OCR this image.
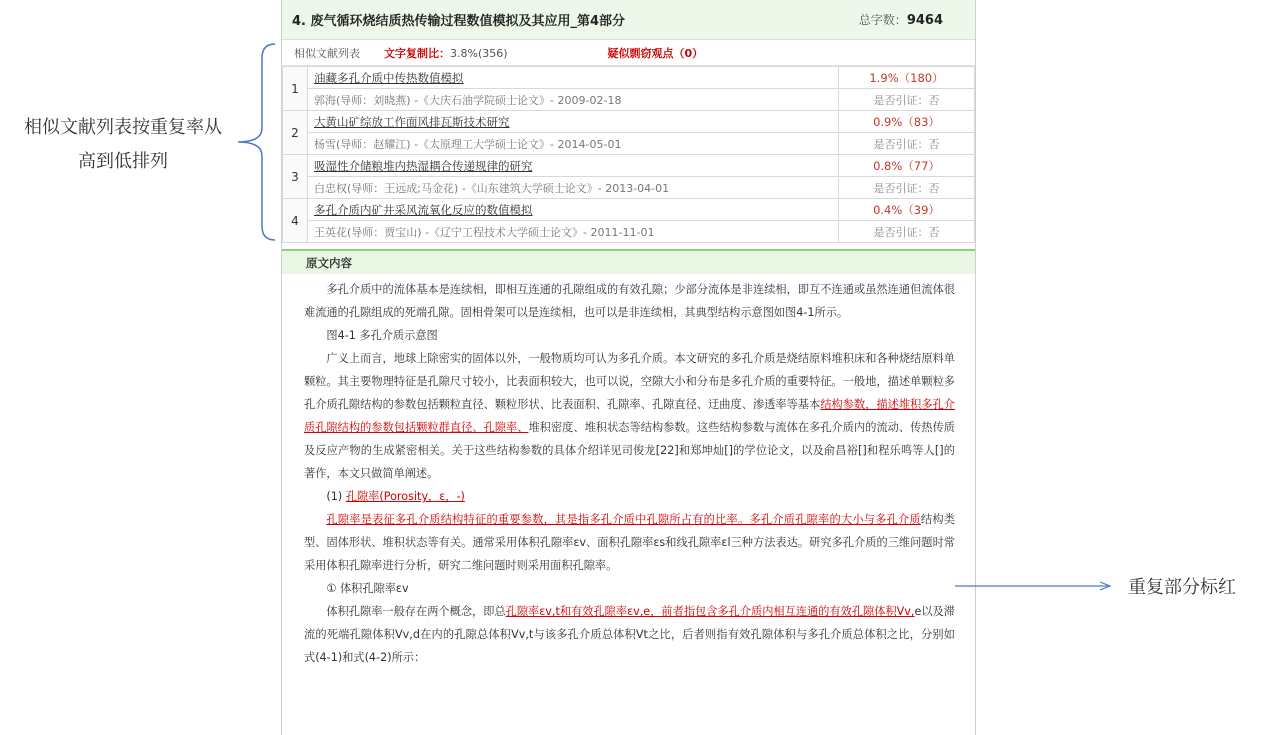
4. 废气循环烧结质热传输过程数值模拟及其应用_第4部分	总字数：9464
相似文献列表 文字复制比：3.8%(356)	疑似剽窃观点（0）
1	油藏多孔介质中传热数值模拟	1.9%（180）
	郭海(导师：刘晓燕) -《大庆石油学院硕士论文》- 2009-02-18	是否引证：否
2	大黄山矿综放工作面风排瓦斯技术研究	0.9%（83）
	杨雪(导师：赵耀江) -《太原理工大学硕士论文》- 2014-05-01	是否引证：否
3	吸湿性介储粮堆内热湿耦合传递规律的研究	0.8%（77）
	白忠权(导师：王远成;马金花) -《山东建筑大学硕士论文》- 2013-04-01	是否引证：否
4	多孔介质内矿井采风流氧化反应的数值模拟	0.4%（39）
	王英花(导师：贾宝山) -《辽宁工程技术大学硕士论文》- 2011-11-01	是否引证：否
原文内容

多孔介质中的流体基本是连续相，即相互连通的孔隙组成的有效孔隙；少部分流体是非连续相，即互不连通或虽然连通但流体很难流通的孔隙组成的死端孔隙。固相骨架可以是连续相，也可以是非连续相，其典型结构示意图如图4-1所示。

图4-1 多孔介质示意图

广义上而言，地球上除密实的固体以外，一般物质均可认为多孔介质。本文研究的多孔介质是烧结原料堆积床和各种烧结原料单颗粒。其主要物理特征是孔隙尺寸较小，比表面积较大，也可以说，空隙大小和分布是多孔介质的重要特征。一般地，描述单颗粒多孔介质孔隙结构的参数包括颗粒直径、颗粒形状、比表面积、孔隙率、孔隙直径、迂曲度、渗透率等基本结构参数，描述堆积多孔介质孔隙结构的参数包括颗粒群直径、孔隙率、堆积密度、堆积状态等结构参数。这些结构参数与流体在多孔介质内的流动、传热传质及反应产物的生成紧密相关。关于这些结构参数的具体介绍详见司俊龙[22]和郑坤灿[]的学位论文，以及俞昌裕[]和程乐鸣等人[]的著作，本文只做简单阐述。

(1) 孔隙率(Porosity，ε，-)

孔隙率是表征多孔介质结构特征的重要参数，其是指多孔介质中孔隙所占有的比率。多孔介质孔隙率的大小与多孔介质结构类型、固体形状、堆积状态等有关。通常采用体积孔隙率εv、面积孔隙率εs和线孔隙率εl三种方法表达。研究多孔介质的三维问题时常采用体积孔隙率进行分析，研究二维问题时则采用面积孔隙率。

① 体积孔隙率εv

体积孔隙率一般存在两个概念，即总孔隙率εv,t和有效孔隙率εv,e，前者指包含多孔介质内相互连通的有效孔隙体积Vv,e以及滞流的死端孔隙体积Vv,d在内的孔隙总体积Vv,t与该多孔介质总体积Vt之比，后者则指有效孔隙体积与多孔介质总体积之比，分别如式(4-1)和式(4-2)所示：

相似文献列表按重复率从高到低排列
重复部分标红
